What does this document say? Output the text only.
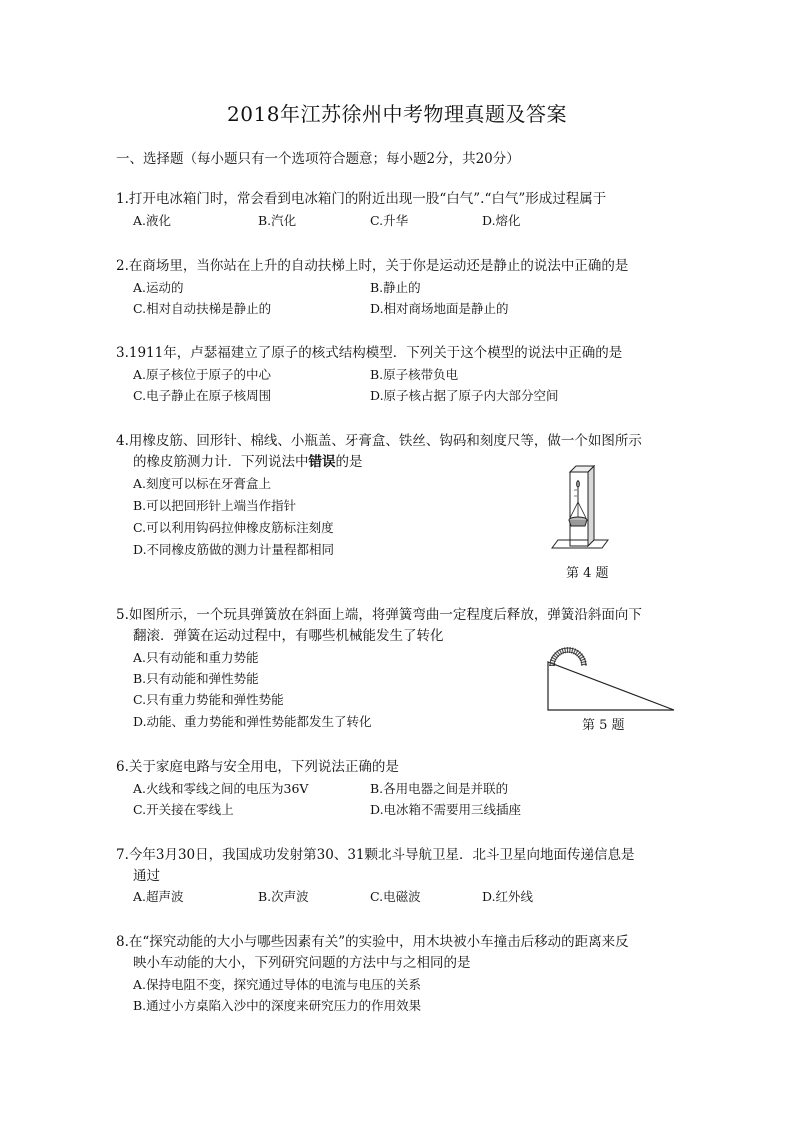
2018年江苏徐州中考物理真题及答案
一、选择题（每小题只有一个选项符合题意；每小题2分，共20分）
1.打开电冰箱门时，常会看到电冰箱门的附近出现一股“白气”.“白气”形成过程属于
A.液化	B.汽化	C.升华	D.熔化
2.在商场里，当你站在上升的自动扶梯上时，关于你是运动还是静止的说法中正确的是
A.运动的	B.静止的
C.相对自动扶梯是静止的	D.相对商场地面是静止的
3.1911年，卢瑟福建立了原子的核式结构模型．下列关于这个模型的说法中正确的是
A.原子核位于原子的中心	B.原子核带负电
C.电子静止在原子核周围	D.原子核占据了原子内大部分空间
4.用橡皮筋、回形针、棉线、小瓶盖、牙膏盒、铁丝、钩码和刻度尺等，做一个如图所示
的橡皮筋测力计．下列说法中错误的是
A.刻度可以标在牙膏盒上
B.可以把回形针上端当作指针
C.可以利用钩码拉伸橡皮筋标注刻度
D.不同橡皮筋做的测力计量程都相同
第 4 题
5.如图所示，一个玩具弹簧放在斜面上端，将弹簧弯曲一定程度后释放，弹簧沿斜面向下
翻滚．弹簧在运动过程中，有哪些机械能发生了转化
A.只有动能和重力势能
B.只有动能和弹性势能
C.只有重力势能和弹性势能
D.动能、重力势能和弹性势能都发生了转化	第 5 题
6.关于家庭电路与安全用电，下列说法正确的是
A.火线和零线之间的电压为36V	B.各用电器之间是并联的
C.开关接在零线上	D.电冰箱不需要用三线插座
7.今年3月30日，我国成功发射第30、31颗北斗导航卫星．北斗卫星向地面传递信息是
通过
A.超声波	B.次声波	C.电磁波	D.红外线
8.在“探究动能的大小与哪些因素有关”的实验中，用木块被小车撞击后移动的距离来反
映小车动能的大小，下列研究问题的方法中与之相同的是
A.保持电阻不变，探究通过导体的电流与电压的关系
B.通过小方桌陷入沙中的深度来研究压力的作用效果
